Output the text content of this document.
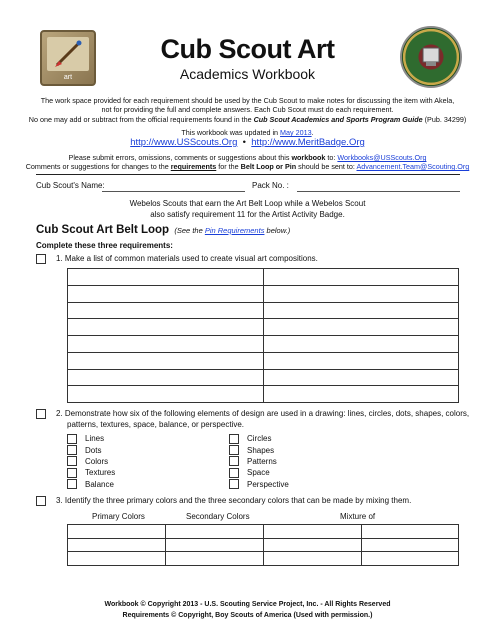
art
Cub Scout Art
Academics Workbook
The work space provided for each requirement should be used by the Cub Scout to make notes for discussing the item with Akela,
not for providing the full and complete answers. Each Cub Scout must do each requirement.
No one may add or subtract from the official requirements found in the Cub Scout Academics and Sports Program Guide (Pub. 34299)
This workbook was updated in May 2013.
http://www.USScouts.Org • http://www.MeritBadge.Org
Please submit errors, omissions, comments or suggestions about this workbook to: Workbooks@USScouts.Org
Comments or suggestions for changes to the requirements for the Belt Loop or Pin should be sent to: Advancement.Team@Scouting.Org
Cub Scout's Name:	Pack No. :
Webelos Scouts that earn the Art Belt Loop while a Webelos Scout
also satisfy requirement 11 for the Artist Activity Badge.
Cub Scout Art Belt Loop (See the Pin Requirements below.)
Complete these three requirements:
1. Make a list of common materials used to create visual art compositions.

2. Demonstrate how six of the following elements of design are used in a drawing: lines, circles, dots, shapes, colors,
patterns, textures, space, balance, or perspective.
Lines
Dots
Colors
Textures
Balance
Circles
Shapes
Patterns
Space
Perspective
3. Identify the three primary colors and the three secondary colors that can be made by mixing them.
Primary Colors	Secondary Colors	Mixture of

Workbook © Copyright 2013 - U.S. Scouting Service Project, Inc. - All Rights Reserved
Requirements © Copyright, Boy Scouts of America (Used with permission.)
